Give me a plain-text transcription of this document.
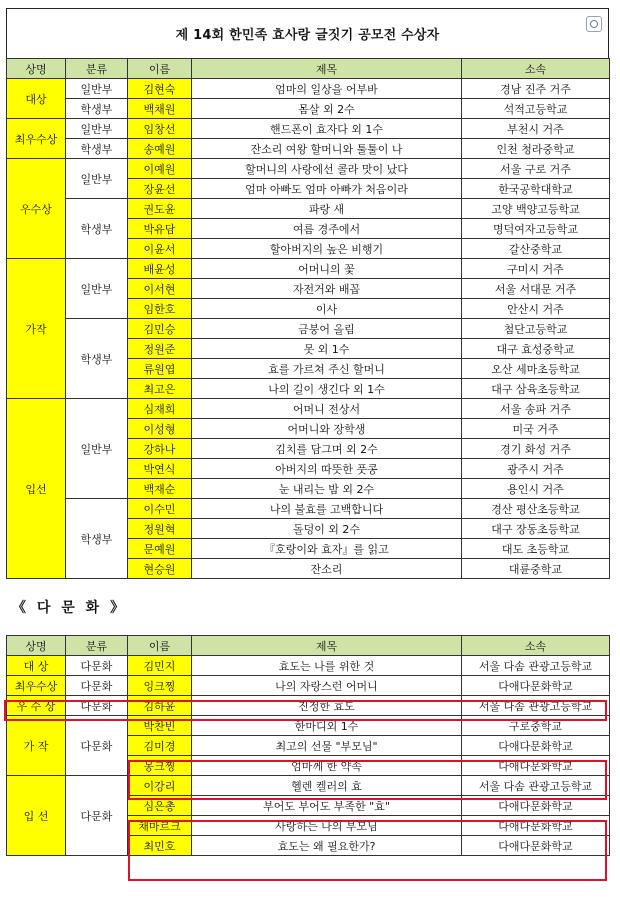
제 14회 한민족 효사랑 글짓기 공모전 수상자
상명	분류	이름	제목	소속
대상	일반부	김현숙	엄마의 일상을 어부바	경남 진주 거주
	학생부	백채원	몸살 외 2수	석적고등학교
최우수상	일반부	임창선	핸드폰이 효자다 외 1수	부천시 거주
	학생부	송예원	잔소리 여왕 할머니와 툴툴이 나	인천 청라중학교
우수상	일반부	이예원	할머니의 사랑에선 콜라 맛이 났다	서울 구로 거주
		장윤선	엄마 아빠도 엄마 아빠가 처음이라	한국공학대학교
	학생부	권도윤	파랑 새	고양 백양고등학교
		박유담	여름 경주에서	명덕여자고등학교
		이윤서	할아버지의 높은 비행기	갈산중학교
가작	일반부	배윤성	어머니의 꽃	구미시 거주
		이서현	자전거와 배꼽	서울 서대문 거주
		임한호	이사	안산시 거주
	학생부	김민승	금붕어 올림	첨단고등학교
		정원준	못 외 1수	대구 효성중학교
		류원엽	효를 가르쳐 주신 할머니	오산 세마초등학교
		최고은	나의 길이 생긴다 외 1수	대구 삼육초등학교
입선	일반부	심재희	어머니 전상서	서울 송파 거주
		이성형	어머니와 장학생	미국 거주
		강하나	김치를 담그며 외 2수	경기 화성 거주
		박연식	아버지의 따뜻한 풋콩	광주시 거주
		백재순	눈 내리는 밤 외 2수	용인시 거주
	학생부	이수민	나의 불효를 고백합니다	경산 평산초등학교
		정원혁	돌덩이 외 2수	대구 장동초등학교
		문예원	『호랑이와 효자』를 읽고	대도 초등학교
		현승원	잔소리	대륜중학교
《 다 문 화 》
상명	분류	이름	제목	소속
대 상	다문화	김민지	효도는 나를 위한 것	서울 다솜 관광고등학교
최우수상	다문화	잉크찡	나의 자랑스런 어머니	다애다문화학교
우 수 상	다문화	김하윤	진정한 효도	서울 다솜 관광고등학교
가 작	다문화	박찬빈	한마디외 1수	구로중학교
		김미경	최고의 선물 "부모님"	다애다문화학교
		몽크찡	엄마께 한 약속	다애다문화학교
입 선	다문화	이강리	헬렌 켈러의 효	서울 다솜 관광고등학교
		심은총	부어도 부어도 부족한 "효"	다애다문화학교
		채마르크	사랑하는 나의 부모님	다애다문화학교
		최민호	효도는 왜 필요한가?	다애다문화학교
